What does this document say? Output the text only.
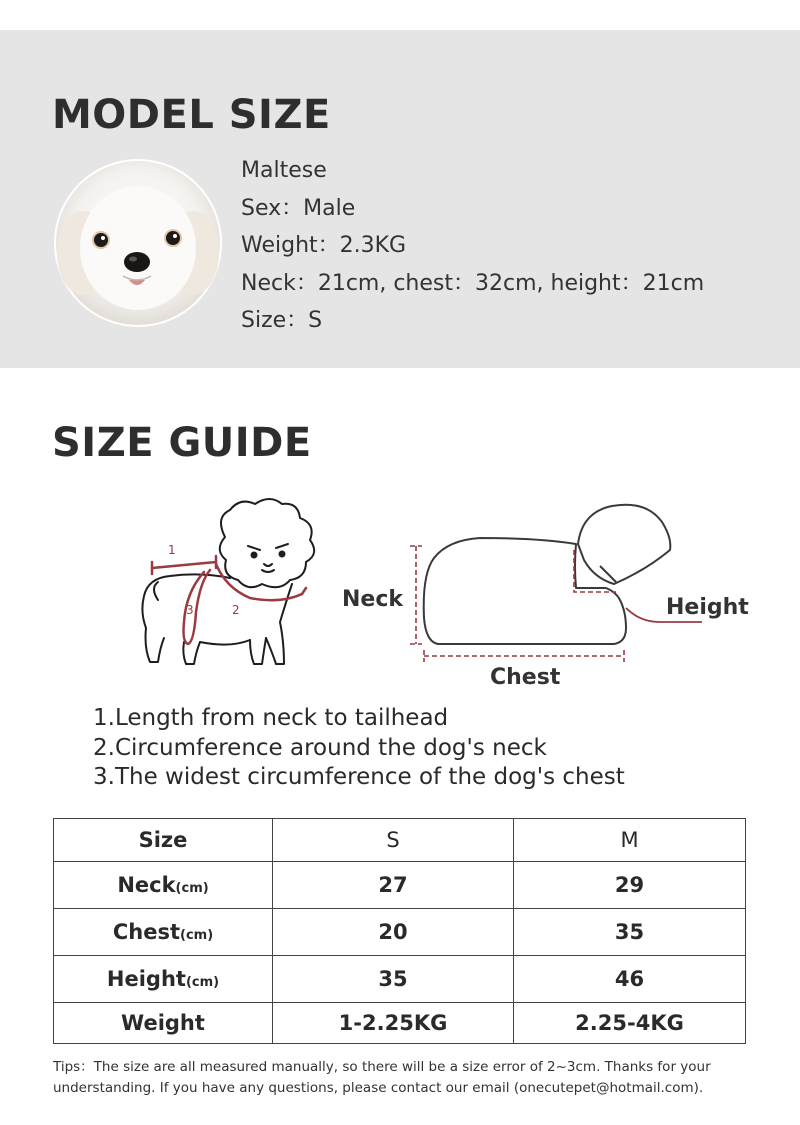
MODEL SIZE
Maltese
Sex：Male
Weight：2.3KG
Neck：21cm, chest：32cm, height：21cm
Size：S
SIZE GUIDE
1
3	2	Neck	Height
Chest
1.Length from neck to tailhead
2.Circumference around the dog's neck
3.The widest circumference of the dog's chest
Size	S	M
Neck(cm)	27	29
Chest(cm)	20	35
Height(cm)	35	46
Weight	1-2.25KG	2.25-4KG
Tips：The size are all measured manually, so there will be a size error of 2~3cm. Thanks for your understanding. If you have any questions, please contact our email (onecutepet@hotmail.com).
